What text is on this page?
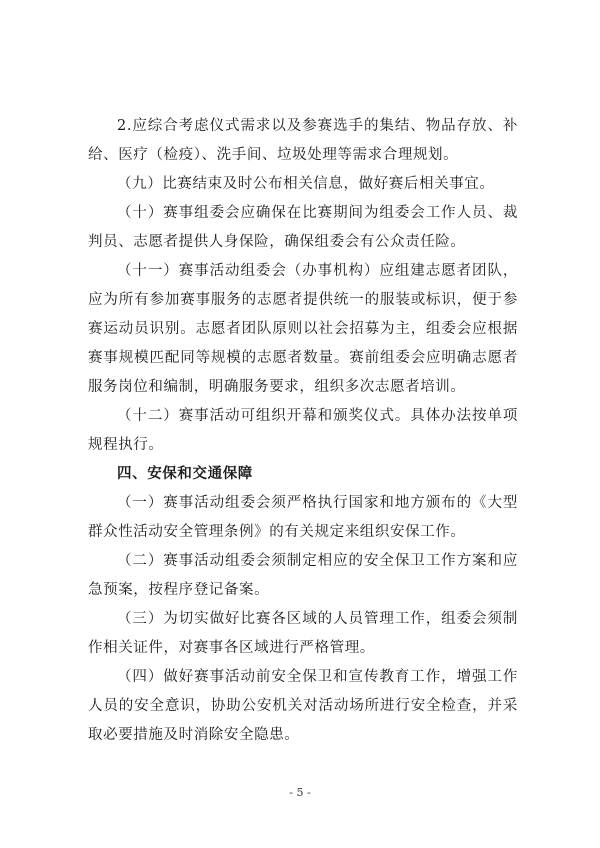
2.应综合考虑仪式需求以及参赛选手的集结、物品存放、补给、医疗（检疫）、洗手间、垃圾处理等需求合理规划。

（九）比赛结束及时公布相关信息，做好赛后相关事宜。

（十）赛事组委会应确保在比赛期间为组委会工作人员、裁判员、志愿者提供人身保险，确保组委会有公众责任险。

（十一）赛事活动组委会（办事机构）应组建志愿者团队，应为所有参加赛事服务的志愿者提供统一的服装或标识，便于参赛运动员识别。志愿者团队原则以社会招募为主，组委会应根据赛事规模匹配同等规模的志愿者数量。赛前组委会应明确志愿者服务岗位和编制，明确服务要求，组织多次志愿者培训。

（十二）赛事活动可组织开幕和颁奖仪式。具体办法按单项规程执行。

四、安保和交通保障

（一）赛事活动组委会须严格执行国家和地方颁布的《大型群众性活动安全管理条例》的有关规定来组织安保工作。

（二）赛事活动组委会须制定相应的安全保卫工作方案和应急预案，按程序登记备案。

（三）为切实做好比赛各区域的人员管理工作，组委会须制作相关证件，对赛事各区域进行严格管理。

（四）做好赛事活动前安全保卫和宣传教育工作，增强工作人员的安全意识，协助公安机关对活动场所进行安全检查，并采取必要措施及时消除安全隐患。

- 5 -
